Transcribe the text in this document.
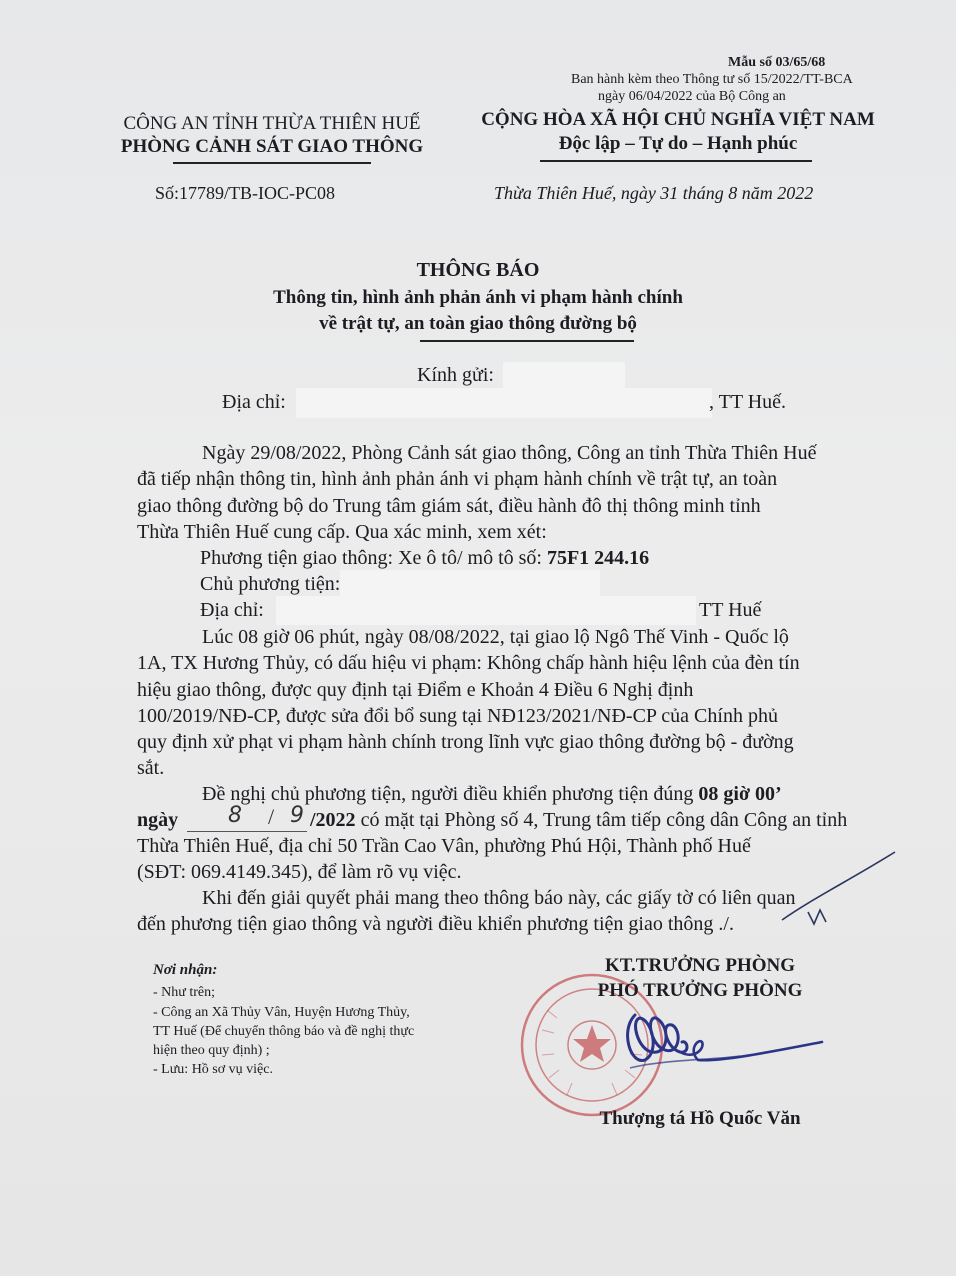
Mẫu số 03/65/68
Ban hành kèm theo Thông tư số 15/2022/TT-BCA
ngày 06/04/2022 của Bộ Công an
CÔNG AN TỈNH THỪA THIÊN HUẾ
PHÒNG CẢNH SÁT GIAO THÔNG
Số:17789/TB-IOC-PC08
CỘNG HÒA XÃ HỘI CHỦ NGHĨA VIỆT NAM
Độc lập – Tự do – Hạnh phúc
Thừa Thiên Huế, ngày 31 tháng 8 năm 2022
THÔNG BÁO
Thông tin, hình ảnh phản ánh vi phạm hành chính
về trật tự, an toàn giao thông đường bộ
Kính gửi:
Địa chỉ:	, TT Huế.
Ngày 29/08/2022, Phòng Cảnh sát giao thông, Công an tỉnh Thừa Thiên Huế
đã tiếp nhận thông tin, hình ảnh phản ánh vi phạm hành chính về trật tự, an toàn
giao thông đường bộ do Trung tâm giám sát, điều hành đô thị thông minh tỉnh
Thừa Thiên Huế cung cấp. Qua xác minh, xem xét:
Phương tiện giao thông: Xe ô tô/ mô tô số: 75F1 244.16
Chủ phương tiện:
Địa chỉ:	TT Huế
Lúc 08 giờ 06 phút, ngày 08/08/2022, tại giao lộ Ngô Thế Vinh - Quốc lộ
1A, TX Hương Thủy, có dấu hiệu vi phạm: Không chấp hành hiệu lệnh của đèn tín
hiệu giao thông, được quy định tại Điểm e Khoản 4 Điều 6 Nghị định
100/2019/NĐ-CP, được sửa đổi bổ sung tại NĐ123/2021/NĐ-CP của Chính phủ
quy định xử phạt vi phạm hành chính trong lĩnh vực giao thông đường bộ - đường
sắt.
Đề nghị chủ phương tiện, người điều khiển phương tiện đúng 08 giờ 00’
ngày 8 / 9 /2022 có mặt tại Phòng số 4, Trung tâm tiếp công dân Công an tỉnh
Thừa Thiên Huế, địa chỉ 50 Trần Cao Vân, phường Phú Hội, Thành phố Huế
(SĐT: 069.4149.345), để làm rõ vụ việc.
Khi đến giải quyết phải mang theo thông báo này, các giấy tờ có liên quan
đến phương tiện giao thông và người điều khiển phương tiện giao thông ./.
Nơi nhận:
- Như trên;
- Công an Xã Thủy Vân, Huyện Hương Thủy,
TT Huế (Để chuyển thông báo và đề nghị thực
hiện theo quy định) ;
- Lưu: Hồ sơ vụ việc.
KT.TRƯỞNG PHÒNG
PHÓ TRƯỞNG PHÒNG
Thượng tá Hồ Quốc Văn
